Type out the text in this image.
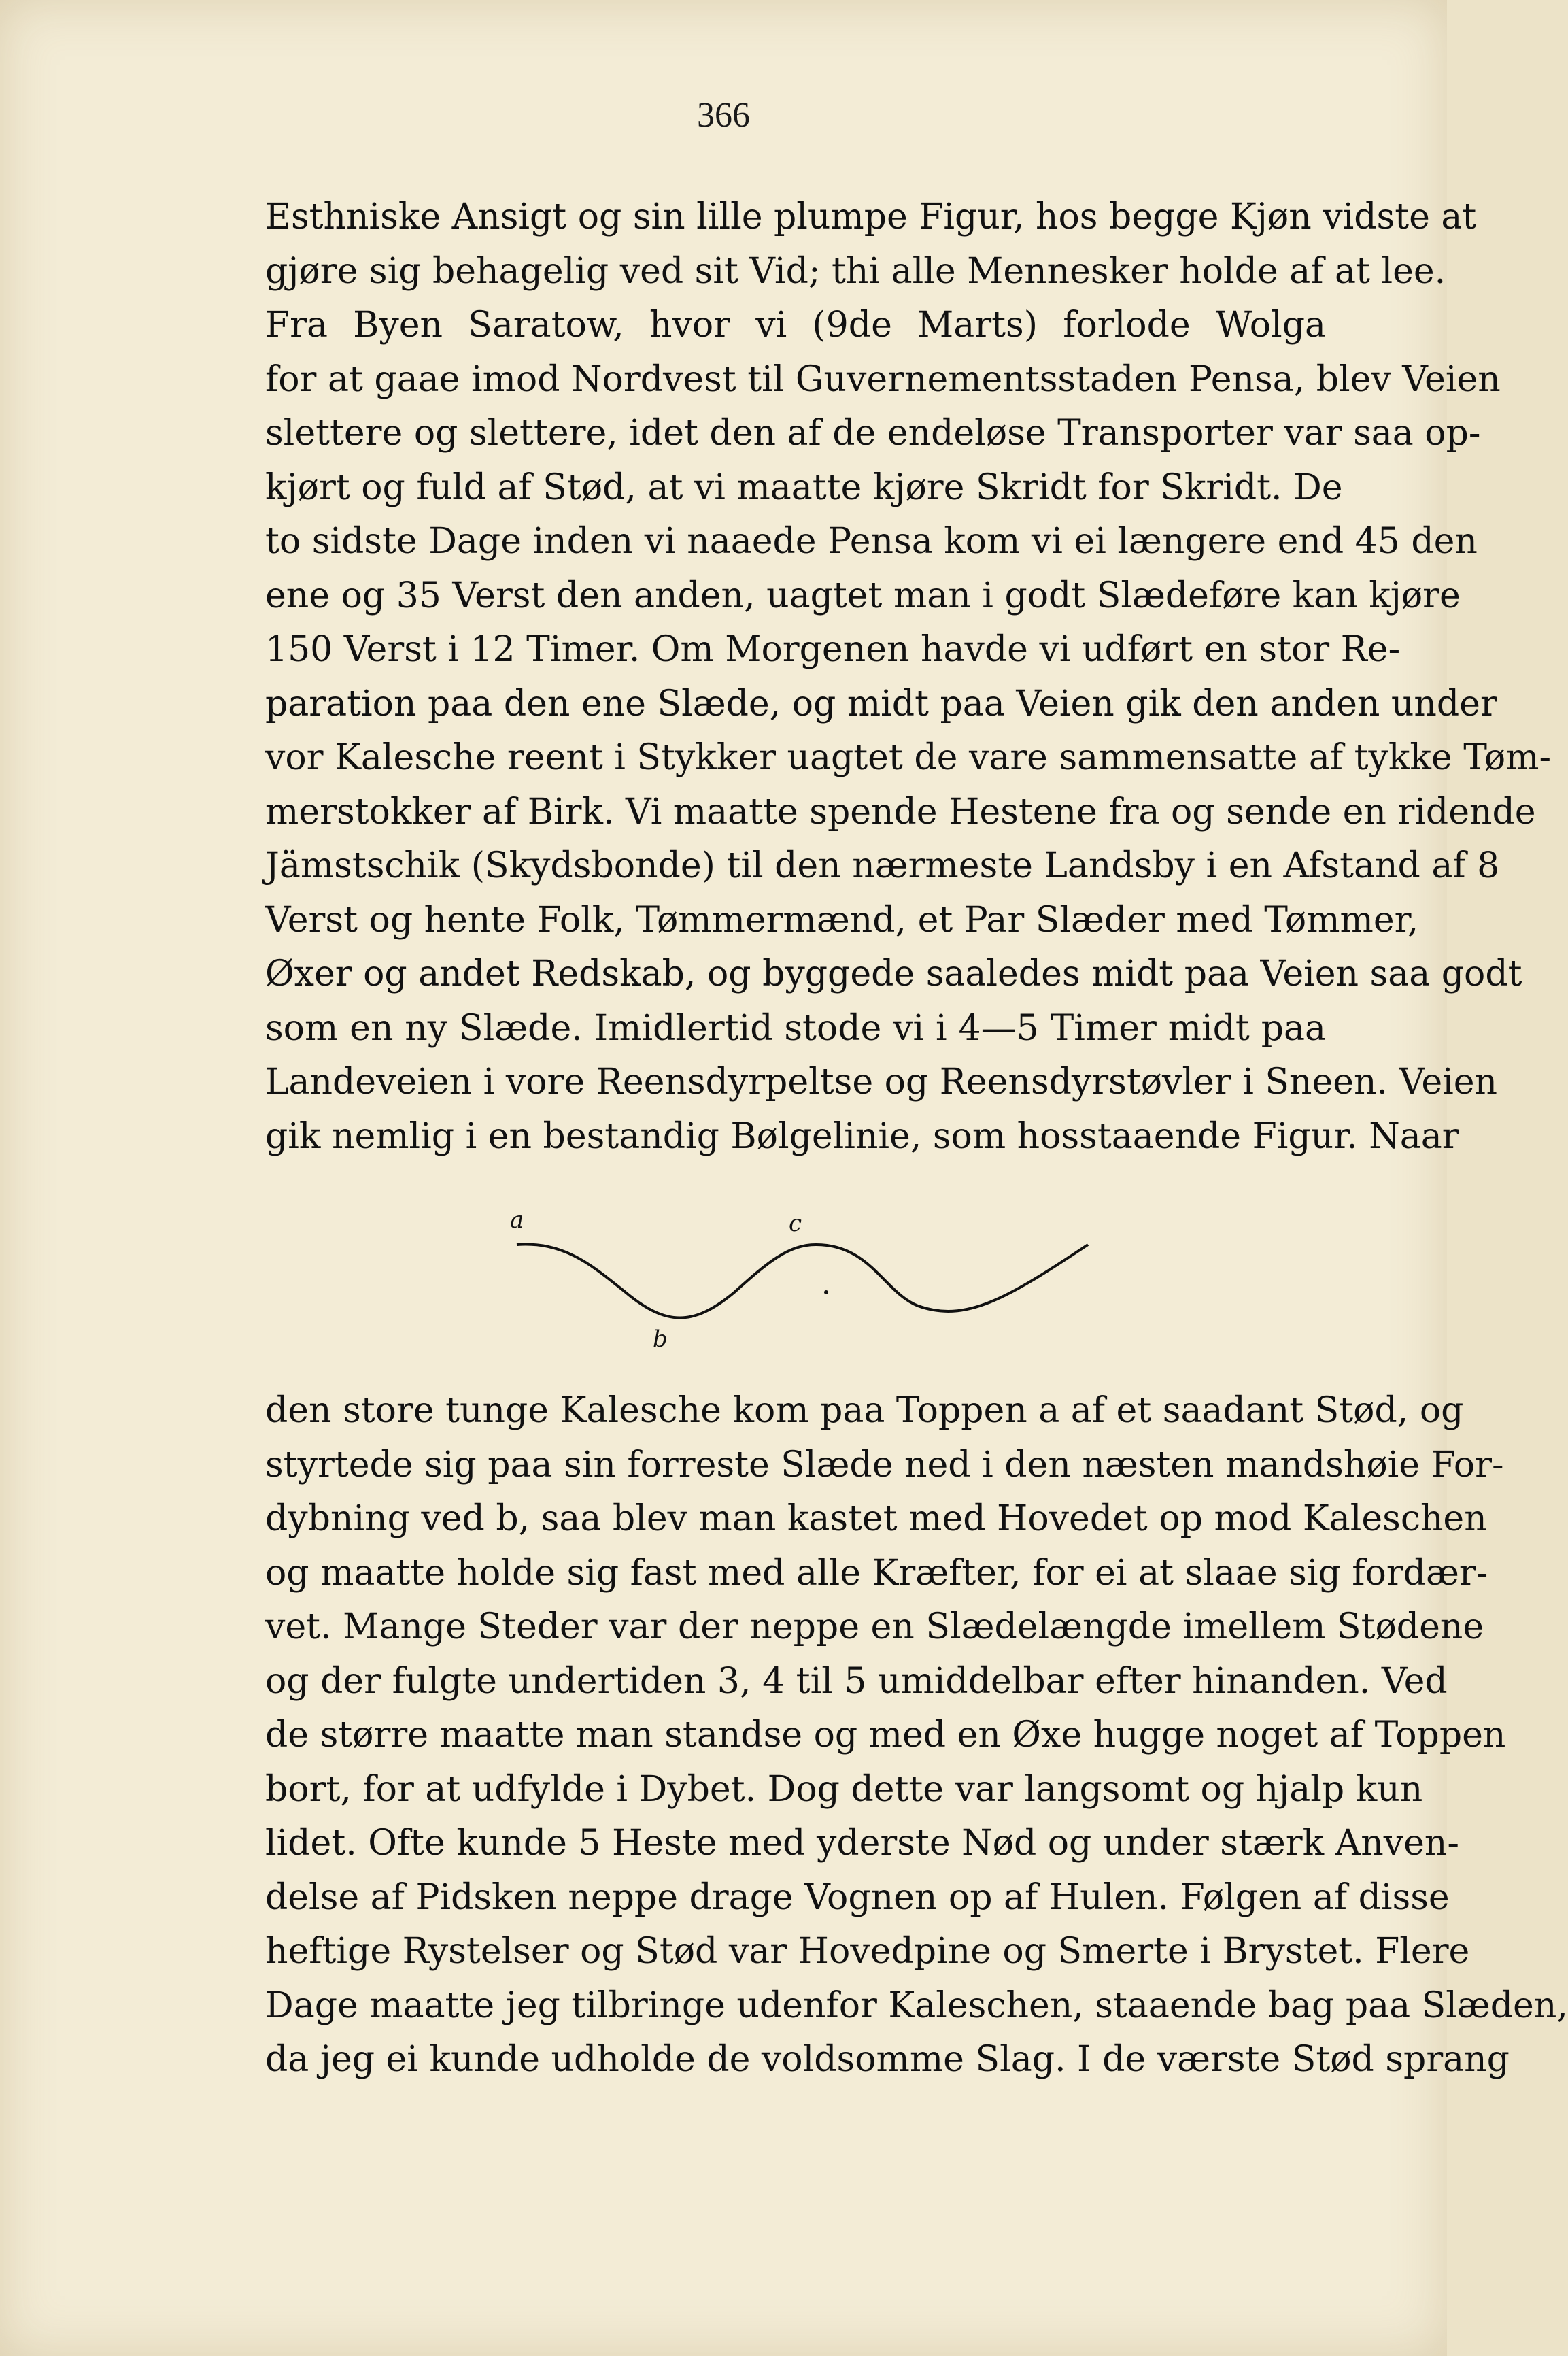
366
Esthniske Ansigt og sin lille plumpe Figur, hos begge Kjøn vidste at
gjøre sig behagelig ved sit Vid; thi alle Mennesker holde af at lee.
Fra Byen Saratow, hvor vi (9de Marts) forlode Wolga
for at gaae imod Nordvest til Guvernementsstaden Pensa, blev Veien
slettere og slettere, idet den af de endeløse Transporter var saa op-
kjørt og fuld af Stød, at vi maatte kjøre Skridt for Skridt. De
to sidste Dage inden vi naaede Pensa kom vi ei længere end 45 den
ene og 35 Verst den anden, uagtet man i godt Slædeføre kan kjøre
150 Verst i 12 Timer. Om Morgenen havde vi udført en stor Re-
paration paa den ene Slæde, og midt paa Veien gik den anden under
vor Kalesche reent i Stykker uagtet de vare sammensatte af tykke Tøm-
merstokker af Birk. Vi maatte spende Hestene fra og sende en ridende
Jämstschik (Skydsbonde) til den nærmeste Landsby i en Afstand af 8
Verst og hente Folk, Tømmermænd, et Par Slæder med Tømmer,
Øxer og andet Redskab, og byggede saaledes midt paa Veien saa godt
som en ny Slæde. Imidlertid stode vi i 4—5 Timer midt paa
Landeveien i vore Reensdyrpeltse og Reensdyrstøvler i Sneen. Veien
gik nemlig i en bestandig Bølgelinie, som hosstaaende Figur. Naar
a	c
b
den store tunge Kalesche kom paa Toppen a af et saadant Stød, og
styrtede sig paa sin forreste Slæde ned i den næsten mandshøie For-
dybning ved b, saa blev man kastet med Hovedet op mod Kaleschen
og maatte holde sig fast med alle Kræfter, for ei at slaae sig fordær-
vet. Mange Steder var der neppe en Slædelængde imellem Stødene
og der fulgte undertiden 3, 4 til 5 umiddelbar efter hinanden. Ved
de større maatte man standse og med en Øxe hugge noget af Toppen
bort, for at udfylde i Dybet. Dog dette var langsomt og hjalp kun
lidet. Ofte kunde 5 Heste med yderste Nød og under stærk Anven-
delse af Pidsken neppe drage Vognen op af Hulen. Følgen af disse
heftige Rystelser og Stød var Hovedpine og Smerte i Brystet. Flere
Dage maatte jeg tilbringe udenfor Kaleschen, staaende bag paa Slæden,
da jeg ei kunde udholde de voldsomme Slag. I de værste Stød sprang
